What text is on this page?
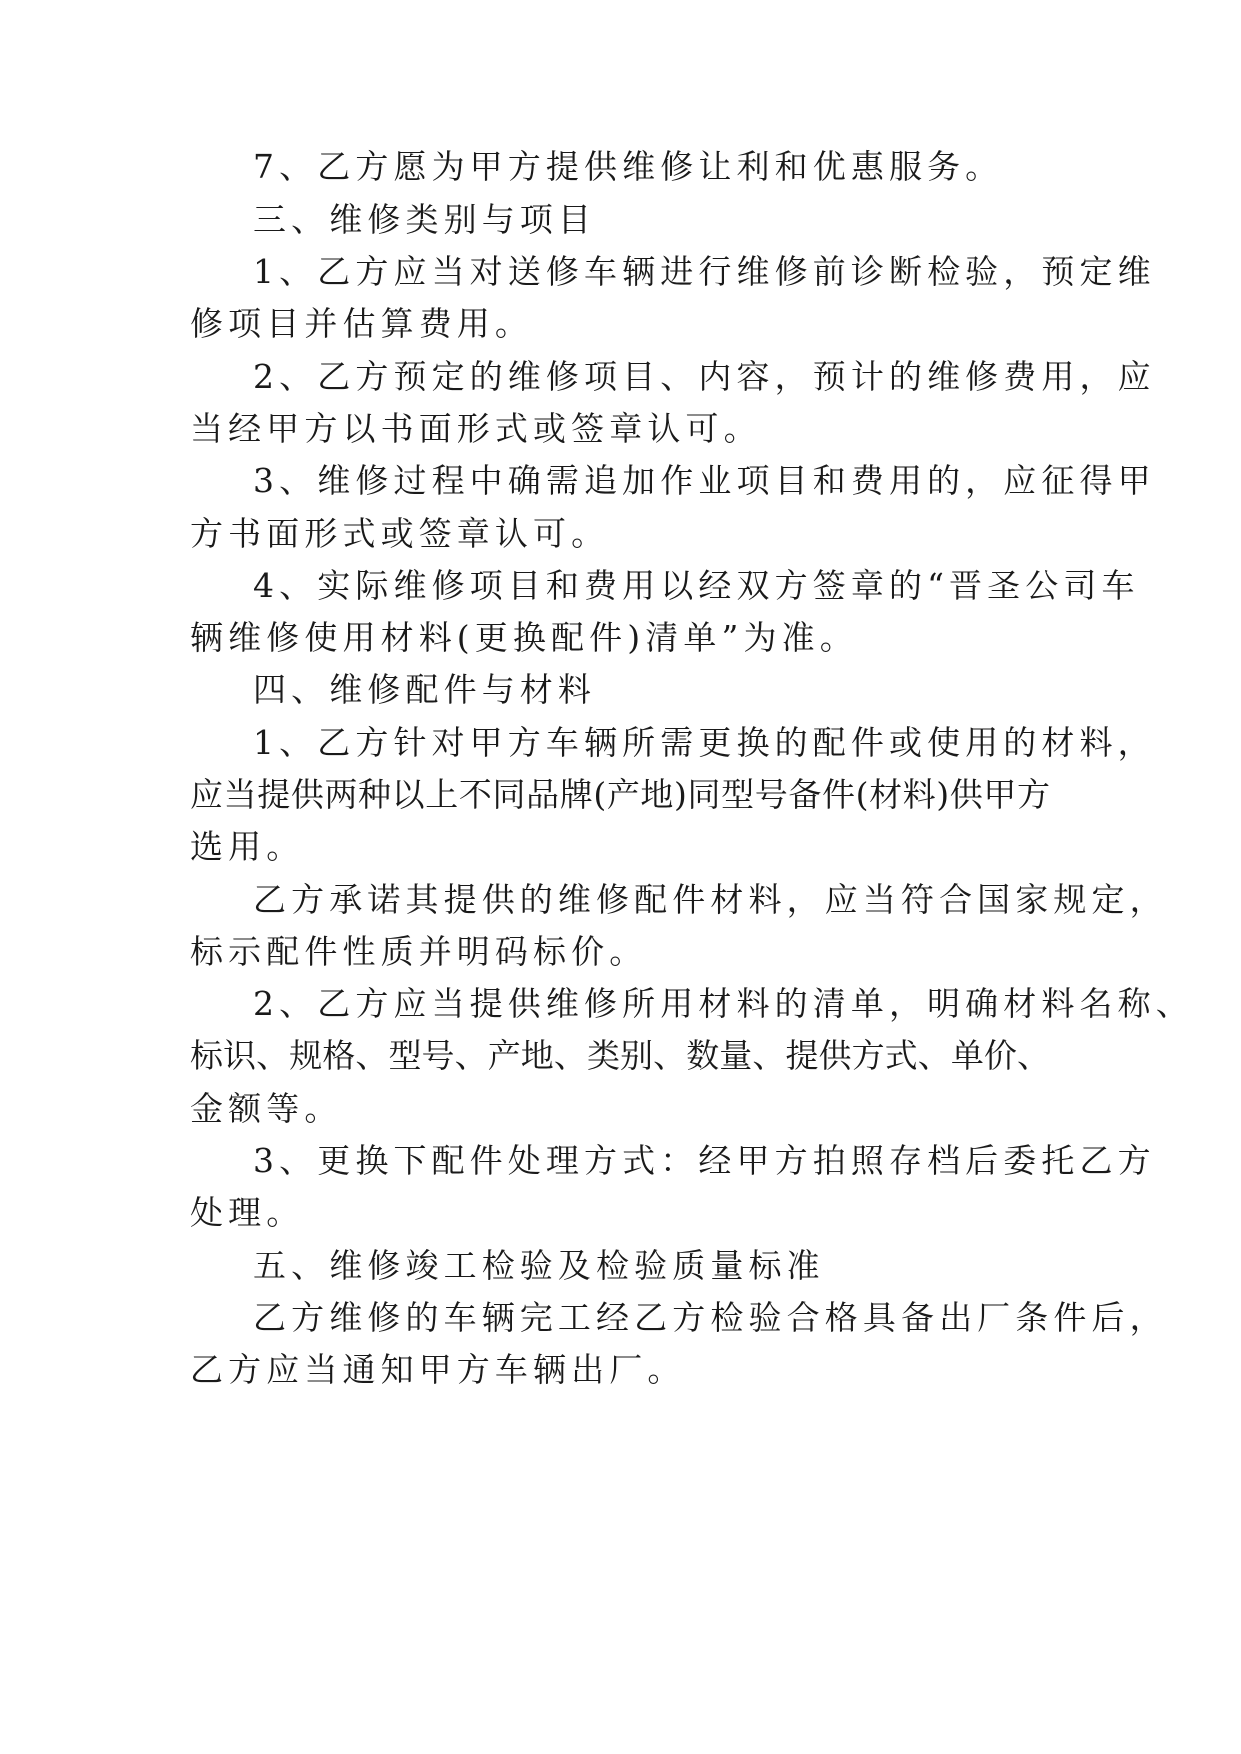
7、乙方愿为甲方提供维修让利和优惠服务。
三、维修类别与项目
1、乙方应当对送修车辆进行维修前诊断检验，预定维
修项目并估算费用。
2、乙方预定的维修项目、内容，预计的维修费用，应
当经甲方以书面形式或签章认可。
3、维修过程中确需追加作业项目和费用的，应征得甲
方书面形式或签章认可。
4、实际维修项目和费用以经双方签章的“晋圣公司车
辆维修使用材料(更换配件)清单”为准。
四、维修配件与材料
1、乙方针对甲方车辆所需更换的配件或使用的材料，
应当提供两种以上不同品牌(产地)同型号备件(材料)供甲方
选用。
乙方承诺其提供的维修配件材料，应当符合国家规定，
标示配件性质并明码标价。
2、乙方应当提供维修所用材料的清单，明确材料名称、
标识、规格、型号、产地、类别、数量、提供方式、单价、
金额等。
3、更换下配件处理方式：经甲方拍照存档后委托乙方
处理。
五、维修竣工检验及检验质量标准
乙方维修的车辆完工经乙方检验合格具备出厂条件后，
乙方应当通知甲方车辆出厂。
